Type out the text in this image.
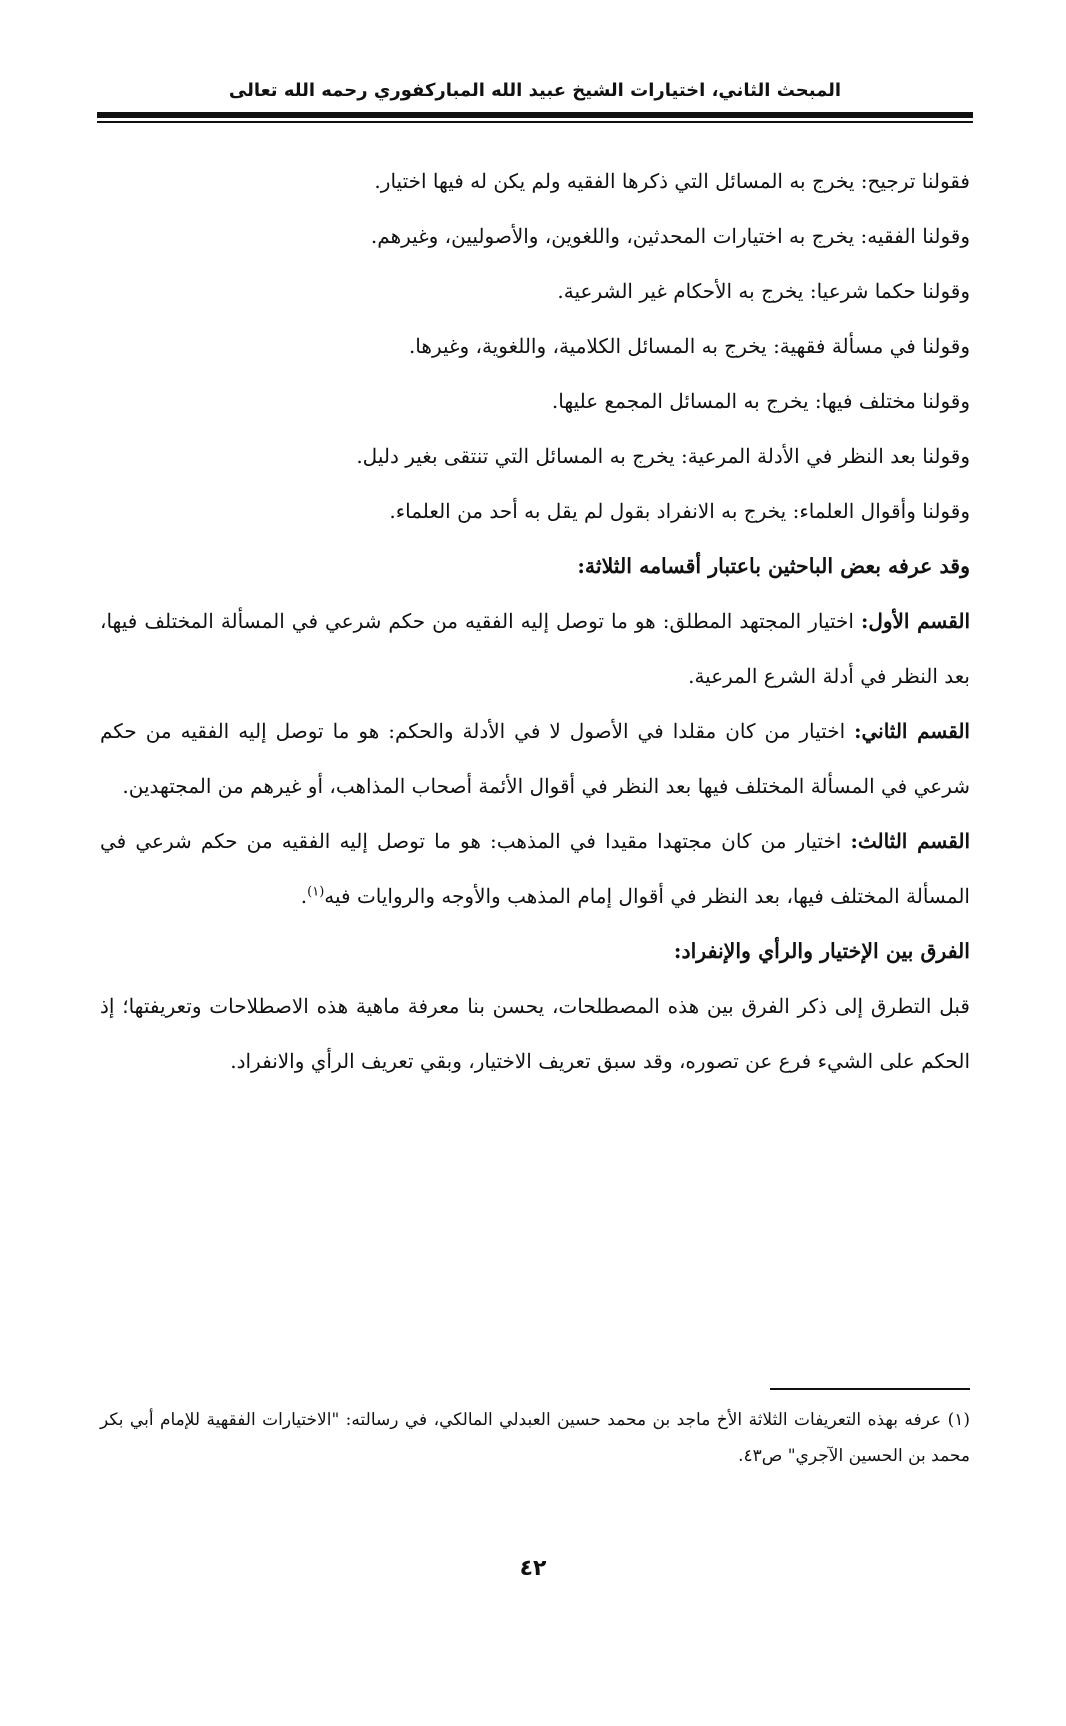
المبحث الثاني، اختيارات الشيخ عبيد الله المباركفوري رحمه الله تعالى

فقولنا ترجيح: يخرج به المسائل التي ذكرها الفقيه ولم يكن له فيها اختيار.

وقولنا الفقيه: يخرج به اختيارات المحدثين، واللغوين، والأصوليين، وغيرهم.

وقولنا حكما شرعيا: يخرج به الأحكام غير الشرعية.

وقولنا في مسألة فقهية: يخرج به المسائل الكلامية، واللغوية، وغيرها.

وقولنا مختلف فيها: يخرج به المسائل المجمع عليها.

وقولنا بعد النظر في الأدلة المرعية: يخرج به المسائل التي تنتقى بغير دليل.

وقولنا وأقوال العلماء: يخرج به الانفراد بقول لم يقل به أحد من العلماء.

وقد عرفه بعض الباحثين باعتبار أقسامه الثلاثة:

القسم الأول: اختيار المجتهد المطلق: هو ما توصل إليه الفقيه من حكم شرعي في المسألة المختلف فيها، بعد النظر في أدلة الشرع المرعية.

القسم الثاني: اختيار من كان مقلدا في الأصول لا في الأدلة والحكم: هو ما توصل إليه الفقيه من حكم شرعي في المسألة المختلف فيها بعد النظر في أقوال الأئمة أصحاب المذاهب، أو غيرهم من المجتهدين.

القسم الثالث: اختيار من كان مجتهدا مقيدا في المذهب: هو ما توصل إليه الفقيه من حكم شرعي في المسألة المختلف فيها، بعد النظر في أقوال إمام المذهب والأوجه والروايات فيه$^{(١)}$.

الفرق بين الإختيار والرأي والإنفراد:

قبل التطرق إلى ذكر الفرق بين هذه المصطلحات، يحسن بنا معرفة ماهية هذه الاصطلاحات وتعريفتها؛ إذ الحكم على الشيء فرع عن تصوره، وقد سبق تعريف الاختيار، وبقي تعريف الرأي والانفراد.

(١) عرفه بهذه التعريفات الثلاثة الأخ ماجد بن محمد حسين العبدلي المالكي، في رسالته: "الاختيارات الفقهية للإمام أبي بكر محمد بن الحسين الآجري" ص٤٣.

٤٢
